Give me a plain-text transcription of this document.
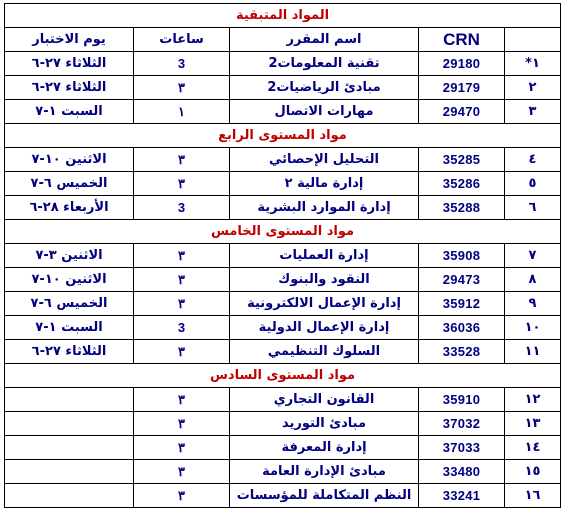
المواد المتبقية				
	CRN	اسم المقرر	ساعات	يوم الاختبار
١*	29180	تقنية المعلومات2	3	الثلاثاء ٢٧-٦
٢	29179	مبادئ الرياضيات2	٣	الثلاثاء ٢٧-٦
٣	29470	مهارات الاتصال	١	السبت ١-٧
مواد المستوى الرابع				
٤	35285	التحليل الإحصائي	٣	الاثنين ١٠-٧
٥	35286	إدارة مالية ٢	٣	الخميس ٦-٧
٦	35288	إدارة الموارد البشرية	3	الأربعاء ٢٨-٦
مواد المستوى الخامس				
٧	35908	إدارة العمليات	٣	الاثنين ٣-٧
٨	29473	النقود والبنوك	٣	الاثنين ١٠-٧
٩	35912	إدارة الإعمال الالكترونية	٣	الخميس ٦-٧
١٠	36036	إدارة الإعمال الدولية	3	السبت ١-٧
١١	33528	السلوك التنظيمي	٣	الثلاثاء ٢٧-٦
مواد المستوى السادس				
١٢	35910	القانون التجاري	٣	
١٣	37032	مبادئ التوريد	٣	
١٤	37033	إدارة المعرفة	٣	
١٥	33480	مبادئ الإدارة العامة	٣	
١٦	33241	النظم المتكاملة للمؤسسات	٣	
